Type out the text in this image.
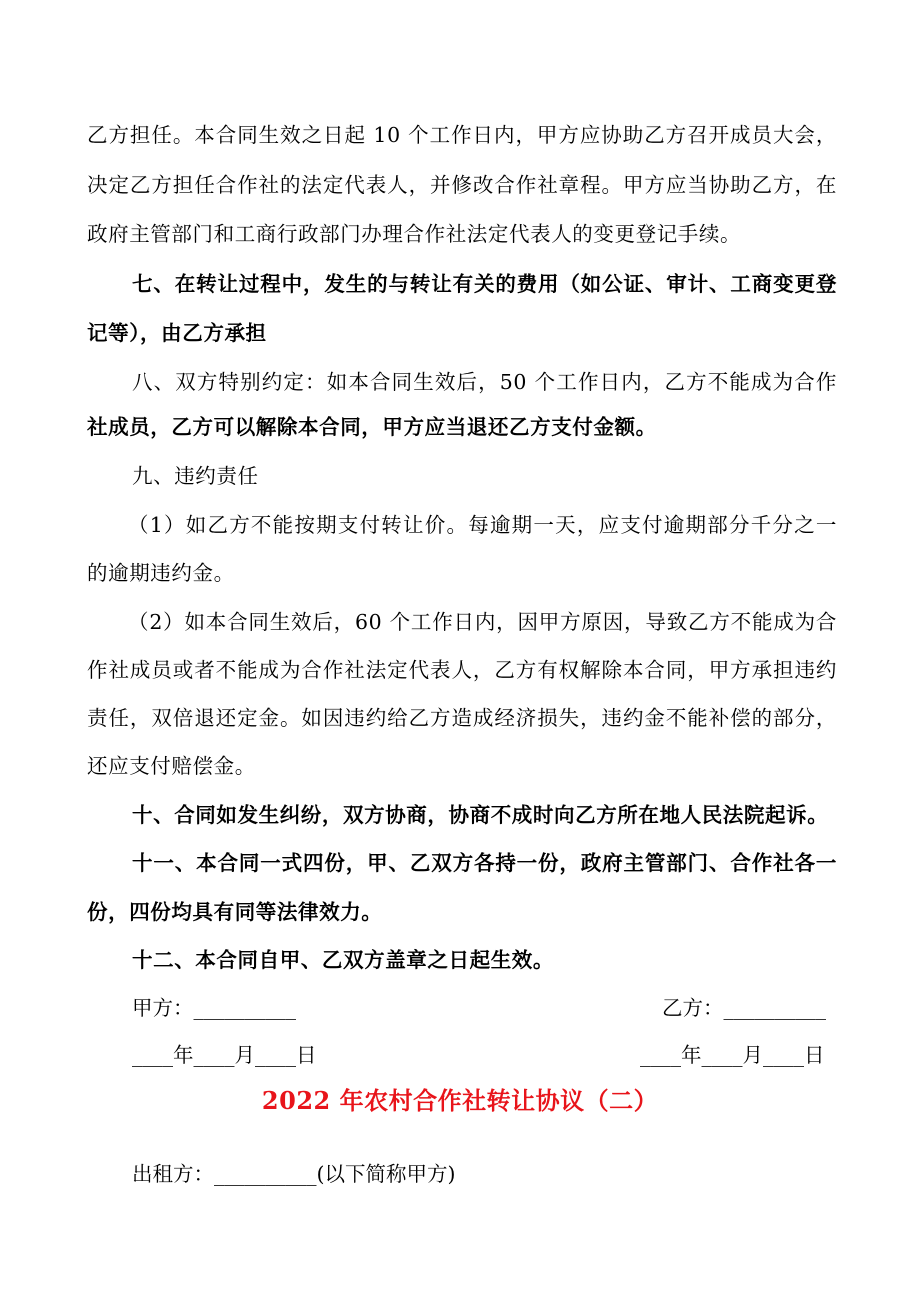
乙方担任。本合同生效之日起 10 个工作日内，甲方应协助乙方召开成员大会，

决定乙方担任合作社的法定代表人，并修改合作社章程。甲方应当协助乙方，在

政府主管部门和工商行政部门办理合作社法定代表人的变更登记手续。

七、在转让过程中，发生的与转让有关的费用（如公证、审计、工商变更登

记等），由乙方承担

八、双方特别约定：如本合同生效后，50 个工作日内，乙方不能成为合作

社成员，乙方可以解除本合同，甲方应当退还乙方支付金额。

九、违约责任

（1）如乙方不能按期支付转让价。每逾期一天，应支付逾期部分千分之一

的逾期违约金。

（2）如本合同生效后，60 个工作日内，因甲方原因，导致乙方不能成为合

作社成员或者不能成为合作社法定代表人，乙方有权解除本合同，甲方承担违约

责任，双倍退还定金。如因违约给乙方造成经济损失，违约金不能补偿的部分，

还应支付赔偿金。

十、合同如发生纠纷，双方协商，协商不成时向乙方所在地人民法院起诉。

十一、本合同一式四份，甲、乙双方各持一份，政府主管部门、合作社各一

份，四份均具有同等法律效力。

十二、本合同自甲、乙双方盖章之日起生效。

甲方：__________	乙方：__________
____年____月____日	____年____月____日
2022 年农村合作社转让协议（二）
出租方：__________(以下简称甲方)
